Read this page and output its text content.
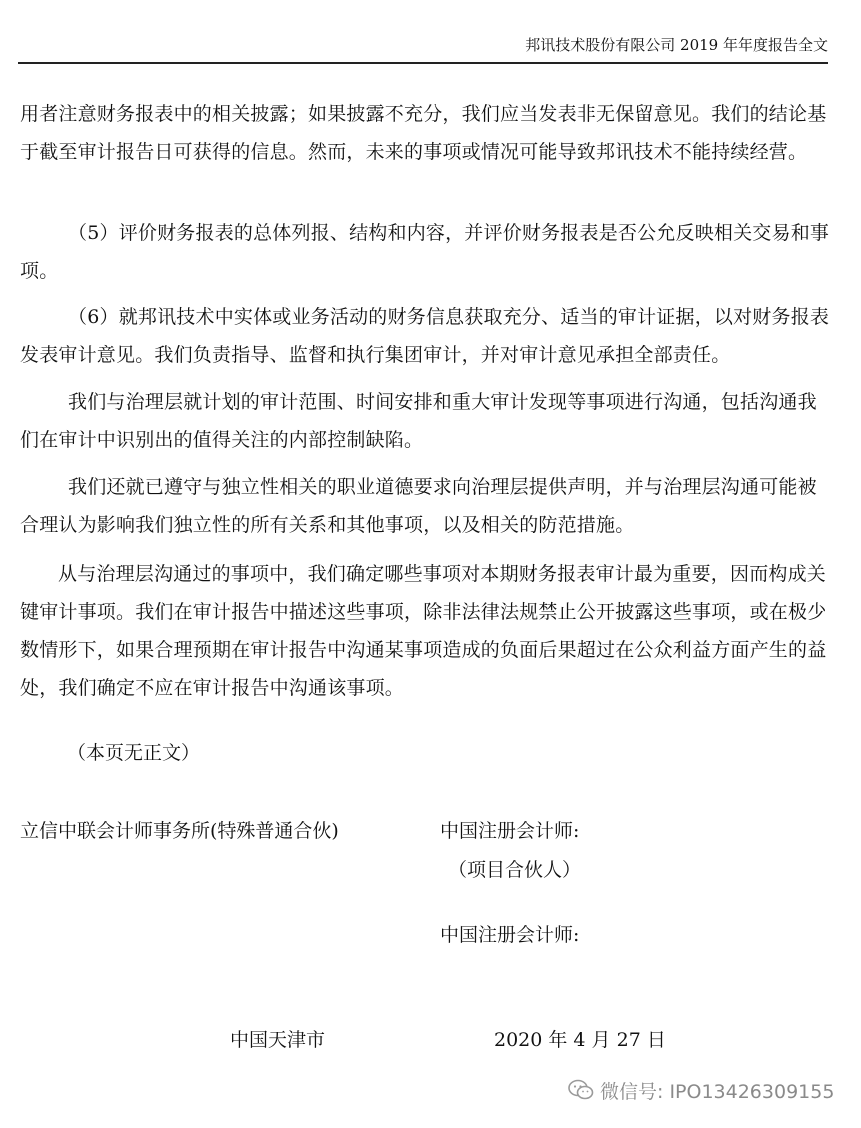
邦讯技术股份有限公司 2019 年年度报告全文

用者注意财务报表中的相关披露；如果披露不充分，我们应当发表非无保留意见。我们的结论基于截至审计报告日可获得的信息。然而，未来的事项或情况可能导致邦讯技术不能持续经营。

（5）评价财务报表的总体列报、结构和内容，并评价财务报表是否公允反映相关交易和事项。

（6）就邦讯技术中实体或业务活动的财务信息获取充分、适当的审计证据，以对财务报表发表审计意见。我们负责指导、监督和执行集团审计，并对审计意见承担全部责任。

我们与治理层就计划的审计范围、时间安排和重大审计发现等事项进行沟通，包括沟通我们在审计中识别出的值得关注的内部控制缺陷。

我们还就已遵守与独立性相关的职业道德要求向治理层提供声明，并与治理层沟通可能被合理认为影响我们独立性的所有关系和其他事项，以及相关的防范措施。

从与治理层沟通过的事项中，我们确定哪些事项对本期财务报表审计最为重要，因而构成关键审计事项。我们在审计报告中描述这些事项，除非法律法规禁止公开披露这些事项，或在极少数情形下，如果合理预期在审计报告中沟通某事项造成的负面后果超过在公众利益方面产生的益处，我们确定不应在审计报告中沟通该事项。

（本页无正文）

立信中联会计师事务所(特殊普通合伙)	中国注册会计师:

（项目合伙人）

中国注册会计师:

中国天津市	2020 年 4 月 27 日

微信号: IPO13426309155
